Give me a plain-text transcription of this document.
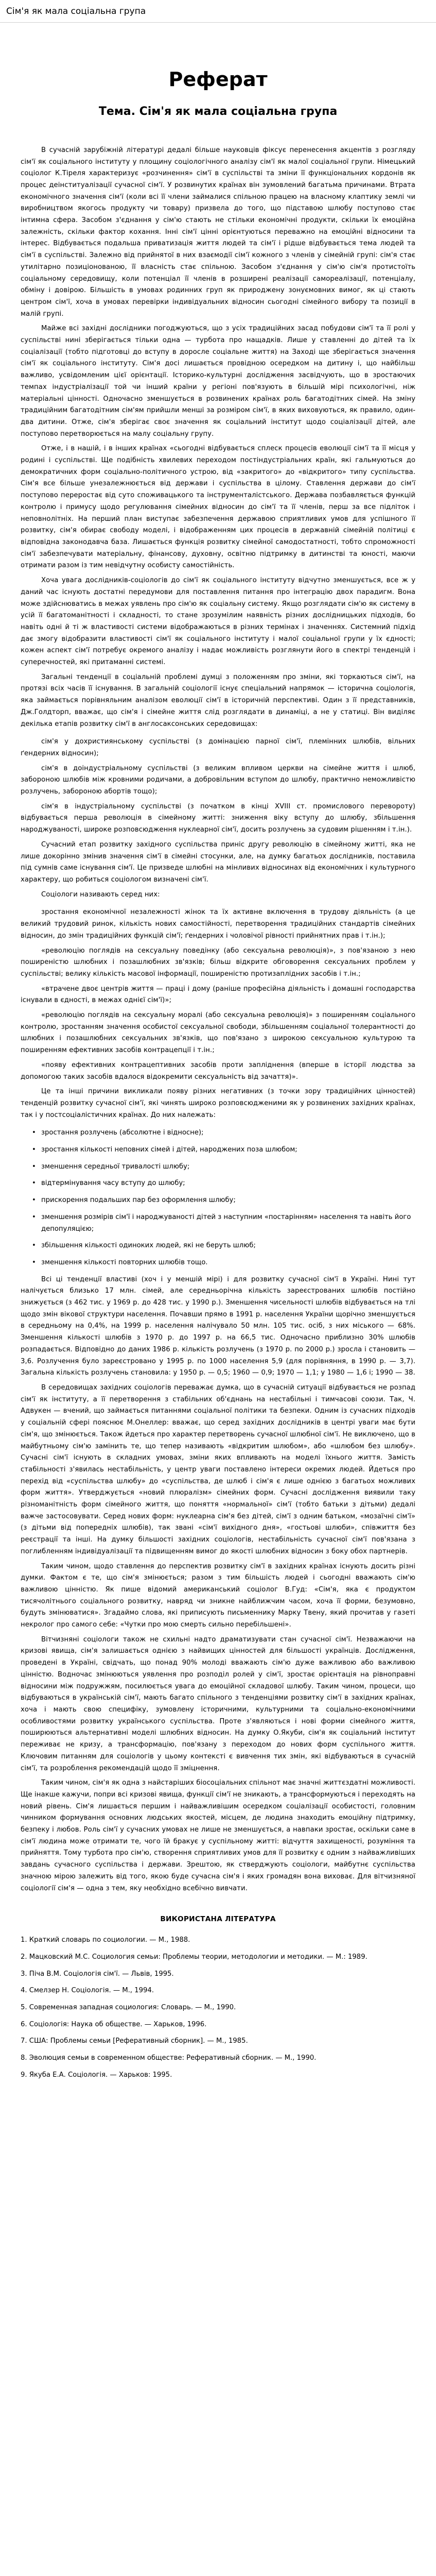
Сім'я як мала соціальна група
Реферат
Тема. Сім'я як мала соціальна група

В сучасній зарубіжній літературі дедалі більше науковців фіксує перенесення акцентів з розгляду сім'ї як соціального інституту у площину соціологічного аналізу сім'ї як малої соціальної групи. Німецький соціолог К.Тіреля характеризує «розчинення» сім'ї в суспільстві та зміни її функціональних кордонів як процес деінституалізації сучасної сім'ї. У розвинутих країнах він зумовлений багатьма причинами. Втрата економічного значення сім'ї (коли всі її члени займалися спільною працею на власному клаптику землі чи виробництвом якогось продукту чи товару) призвела до того, що підставою шлюбу поступово стає інтимна сфера. Засобом з'єднання у сім'ю стають не стільки економічні продукти, скільки їх емоційна залежність, скільки фактор кохання. Інні сім'ї цінні орієнтуються переважно на емоційні відносини та інтерес. Відбувається подальша приватизація життя людей та сім'ї і рідше відбувається тема людей та сім'ї в суспільстві. Залежно від прийнятої в них взаємодії сім'ї кожного з членів у сімейній групі: сім'я стає утилітарно позиціонованою, її власність стає спільною. Засобом з'єднання у сім'ю сім'я протистоїть соціальному середовищу, коли потенціал її членів в розширені реалізації самореалізації, потенціалу, обміну і довірою. Більшість в умовах родинних груп як природжену зонуємовних вимог, як ці стають центром сім'ї, хоча в умовах перевірки індивідуальних відносин сьогодні сімейного вибору та позиції в малій групі.

Майже всі західні дослідники погоджуються, що з усіх традиційних засад побудови сім'ї та її ролі у суспільстві нині зберігається тільки одна — турбота про нащадків. Лише у ставленні до дітей та їх соціалізації (тобто підготовці до вступу в доросле соціальне життя) на Заході ще зберігається значення сім'ї як соціального інституту. Сім'я досі лишається провідною осередком на дитину і, що найбільш важливо, усвідомленим цієї орієнтації. Історико-культурні дослідження засвідчують, що в зростаючих темпах індустріалізації той чи інший країни у регіоні пов'язують в більшій мірі психологічні, ніж матеріальні цінності. Одночасно зменшується в розвинених країнах роль багатодітних сімей. На зміну традиційним багатодітним сім'ям прийшли менші за розміром сім'ї, в яких виховуються, як правило, один-два дитини. Отже, сім'я зберігає своє значення як соціальний інститут щодо соціалізації дітей, але поступово перетворюється на малу соціальну групу.

Отже, і в нашій, і в інших країнах «сьогодні відбувається сплеск процесів еволюції сім'ї та її місця у родині і суспільстві. Ще подібність хвилевих переходом постіндустріальних країн, які гальмуються до демократичних форм соціально-політичного устрою, від «закритого» до «відкритого» типу суспільства. Сім'я все більше унезалежнюється від держави і суспільства в цілому. Ставлення держави до сім'ї поступово переростає від суто споживацького та інструменталістського. Держава позбавляється функцій контролю і примусу щодо регулювання сімейних відносин до сім'ї та її членів, перш за все підліток і неповнолітніх. На перший план виступає забезпечення державою сприятливих умов для успішного її розвитку, сім'я обирає свободу моделі, і відображенням цих процесів в державній сімейній політиці є відповідна законодавча база. Лишається функція розвитку сімейної самодостатності, тобто спроможності сім'ї забезпечувати матеріальну, фінансову, духовну, освітню підтримку в дитинстві та юності, маючи отримати разом із тим невідчутну особисту самостійність.

Хоча увага дослідників-соціологів до сім'ї як соціального інституту відчутно зменшується, все ж у даний час існують достатні передумови для поставлення питання про інтеграцію двох парадигм. Вона може здійснюватись в межах уявлень про сім'ю як соціальну систему. Якщо розглядати сім'ю як систему в усій її багатоманітності і складності, то стане зрозумілим наявність різних дослідницьких підходів, бо навіть одні й ті ж властивості системи відображаються в різних термінах і значеннях. Системний підхід дає змогу відобразити властивості сім'ї як соціального інституту і малої соціальної групи у їх єдності; кожен аспект сім'ї потребує окремого аналізу і надає можливість розглянути його в спектрі тенденцій і суперечностей, які притаманні системі.

Загальні тенденції в соціальній проблемі думці з положенням про зміни, які торкаються сім'ї, на протязі всіх часів її існування. В загальній соціології існує спеціальний напрямок — історична соціологія, яка займається порівняльним аналізом еволюції сім'ї в історичній перспективі. Один з її представників, Дж.Голдторп, вважає, що сім'я і сімейне життя слід розглядати в динаміці, а не у статиці. Він виділяє декілька етапів розвитку сім'ї в англосаксонських середовищах:

сім'я у дохристиянському суспільстві (з домінацією парної сім'ї, племінних шлюбів, вільних ґендерних відносин);

сім'я в доіндустріальному суспільстві (з великим впливом церкви на сімейне життя і шлюб, забороною шлюбів між кровними родичами, а добровільним вступом до шлюбу, практично неможливістю розлучень, забороною абортів тощо);

сім'я в індустріальному суспільстві (з початком в кінці XVIII ст. промислового перевороту) відбувається перша революція в сімейному житті: зниження віку вступу до шлюбу, збільшення народжуваності, широке розповсюдження нуклеарної сім'ї, досить розлучень за судовим рішенням і т.ін.).

Сучасний етап розвитку західного суспільства приніс другу революцію в сімейному житті, яка не лише докорінно змінив значення сім'ї в сімейні стосунки, але, на думку багатьох дослідників, поставила під сумнів саме існування сім'ї. Це призведе шлюбні на мінливих відносинах від економічних і культурного характеру, що робиться соціологом визначені сім'ї.

Соціологи називають серед них:

зростання економічної незалежності жінок та їх активне включення в трудову діяльність (а це великий трудовий ринок, кількість нових самостійності, перетворення традиційних стандартів сімейних відносин, до змін традиційних функцій сім'ї; ґендерних і чоловічої рівності прийнятних прав і т.ін.);

«революцію поглядів на сексуальну поведінку (або сексуальна революція)», з пов'язаною з нею поширеністю шлюбних і позашлюбних зв'язків; більш відкрите обговорення сексуальних проблем у суспільстві; велику кількість масової інформації, поширеністю протизаплідних засобів і т.ін.;

«втрачене двоє центрів життя — праці і дому (раніше професійна діяльність і домашні господарства існували в єдності, в межах однієї сім'ї)»;

«революцію поглядів на сексуальну моралі (або сексуальна революція)» з поширенням соціального контролю, зростанням значення особистої сексуальної свободи, збільшенням соціальної толерантності до шлюбних і позашлюбних сексуальних зв'язків, що пов'язано з широкою сексуальною культурою та поширенням ефективних засобів контрацепції і т.ін.;

«появу ефективних контрацептивних засобів проти запліднення (вперше в історії людства за допомогою таких засобів вдалося відокремити сексуальність від зачаття)».

Це та інші причини викликали появу різних негативних (з точки зору традиційних цінностей) тенденцій розвитку сучасної сім'ї, які чинять широко розповсюдженими як у розвинених західних країнах, так і у постсоціалістичних країнах. До них належать:

• зростання розлучень (абсолютне і відносне);
• зростання кількості неповних сімей і дітей, народжених поза шлюбом;
• зменшення середньої тривалості шлюбу;
• відтермінування часу вступу до шлюбу;
• прискорення подальших пар без оформлення шлюбу;
• зменшення розмірів сім'ї і народжуваності дітей з наступним «постарінням» населення та навіть його депопуляцією;
• збільшення кількості одиноких людей, які не беруть шлюб;
• зменшення кількості повторних шлюбів тощо.

Всі ці тенденції властиві (хоч і у меншій мірі) і для розвитку сучасної сім'ї в Україні. Нині тут налічується близько 17 млн. сімей, але середньорічна кількість зареєстрованих шлюбів постійно знижується (з 462 тис. у 1969 р. до 428 тис. у 1990 р.). Зменшення чисельності шлюбів відбувається на тлі щодо змін вікової структури населення. Почавши прямо в 1991 р. населення України щорічно зменшується в середньому на 0,4%, на 1999 р. населення налічувало 50 млн. 105 тис. осіб, з них міського — 68%. Зменшення кількості шлюбів з 1970 р. до 1997 р. на 66,5 тис. Одночасно приблизно 30% шлюбів розпадається. Відповідно до даних 1986 р. кількість розлучень (з 1970 р. по 2000 р.) зросла і становить — 3,6. Розлучення було зареєстровано у 1995 р. по 1000 населення 5,9 (для порівняння, в 1990 р. — 3,7). Загальна кількість розлучень становила: у 1950 р. — 0,5; 1960 — 0,9; 1970 — 1,1; у 1980 — 1,6 i; 1990 — 38.

В середовищах західних соціологів переважає думка, що в сучасній ситуації відбувається не розпад сім'ї як інституту, а її перетворення з стабільних об'єднань на нестабільні і тимчасові союзи. Так, Ч. Адвукен — вчений, що займається питаннями соціальної політики та безпеки. Одним із сучасних підходів у соціальній сфері пояснює М.Онеллер: вважає, що серед західних дослідників в центрі уваги має бути сім'я, що змінюється. Також йдеться про характер перетворень сучасної шлюбної сім'ї. Не виключено, що в майбутньому сім'ю замінить те, що тепер називають «відкритим шлюбом», або «шлюбом без шлюбу». Сучасні сім'ї існують в складних умовах, зміни яких впливають на моделі їхнього життя. Замість стабільності з'явилась нестабільність, у центр уваги поставлено інтереси окремих людей. Йдеться про перехід від «суспільства шлюбу» до «суспільства, де шлюб і сім'я є лише однією з багатьох можливих форм життя». Утверджується «новий плюралізм» сімейних форм. Сучасні дослідження виявили таку різноманітність форм сімейного життя, що поняття «нормальної» сім'ї (тобто батьки з дітьми) дедалі важче застосовувати. Серед нових форм: нуклеарна сім'я без дітей, сім'ї з одним батьком, «мозаїчні сім'ї» (з дітьми від попередніх шлюбів), так звані «сім'ї вихідного дня», «гостьові шлюби», співжиття без реєстрації та інші. На думку більшості західних соціологів, нестабільність сучасної сім'ї пов'язана з поглибленням індивідуалізації та підвищенням вимог до якості шлюбних відносин з боку обох партнерів.

Таким чином, щодо ставлення до перспектив розвитку сім'ї в західних країнах існують досить різні думки. Фактом є те, що сім'я змінюється; разом з тим більшість людей і сьогодні вважають сім'ю важливою цінністю. Як пише відомий американський соціолог В.Гуд: «Сім'я, яка є продуктом тисячолітнього соціального розвитку, навряд чи зникне найближчим часом, хоча її форми, безумовно, будуть змінюватися». Згадаймо слова, які приписують письменнику Марку Твену, який прочитав у газеті некролог про самого себе: «Чутки про мою смерть сильно перебільшені».

Вітчизняні соціологи також не схильні надто драматизувати стан сучасної сім'ї. Незважаючи на кризові явища, сім'я залишається однією з найвищих цінностей для більшості українців. Дослідження, проведені в Україні, свідчать, що понад 90% молоді вважають сім'ю дуже важливою або важливою цінністю. Водночас змінюються уявлення про розподіл ролей у сім'ї, зростає орієнтація на рівноправні відносини між подружжям, посилюється увага до емоційної складової шлюбу. Таким чином, процеси, що відбуваються в українській сім'ї, мають багато спільного з тенденціями розвитку сім'ї в західних країнах, хоча і мають свою специфіку, зумовлену історичними, культурними та соціально-економічними особливостями розвитку українського суспільства. Проте з'являються і нові форми сімейного життя, поширюються альтернативні моделі шлюбних відносин. На думку О.Якуби, сім'я як соціальний інститут переживає не кризу, а трансформацію, пов'язану з переходом до нових форм суспільного життя. Ключовим питанням для соціологів у цьому контексті є вивчення тих змін, які відбуваються в сучасній сім'ї, та розроблення рекомендацій щодо її зміцнення.

Таким чином, сім'я як одна з найстаріших біосоціальних спільнот має значні життєздатні можливості. Ще інакше кажучи, попри всі кризові явища, функції сім'ї не зникають, а трансформуються і переходять на новий рівень. Сім'я лишається першим і найважливішим осередком соціалізації особистості, головним чинником формування основних людських якостей, місцем, де людина знаходить емоційну підтримку, безпеку і любов. Роль сім'ї у сучасних умовах не лише не зменшується, а навпаки зростає, оскільки саме в сім'ї людина може отримати те, чого їй бракує у суспільному житті: відчуття захищеності, розуміння та прийняття. Тому турбота про сім'ю, створення сприятливих умов для її розвитку є одним з найважливіших завдань сучасного суспільства і держави. Зрештою, як стверджують соціологи, майбутнє суспільства значною мірою залежить від того, якою буде сучасна сім'я і яких громадян вона виховає. Для вітчизняної соціології сім'я — одна з тем, яку необхідно всебічно вивчати.

ВИКОРИСТАНА ЛІТЕРАТУРА
1. Краткий словарь по социологии. — М., 1988.
2. Мацковский М.С. Социология семьи: Проблемы теории, методологии и методики. — М.: 1989.
3. Піча В.М. Соціологія сім'ї. — Львів, 1995.
4. Смелзер Н. Соціологія. — М., 1994.
5. Современная западная социология: Словарь. — М., 1990.
6. Соціологія: Наука об обществе. — Харьков, 1996.
7. США: Проблемы семьи [Реферативный сборник]. — М., 1985.
8. Эволюция семьи в современном обществе: Реферативный сборник. — М., 1990.
9. Якуба Е.А. Соціологія. — Харьков: 1995.
